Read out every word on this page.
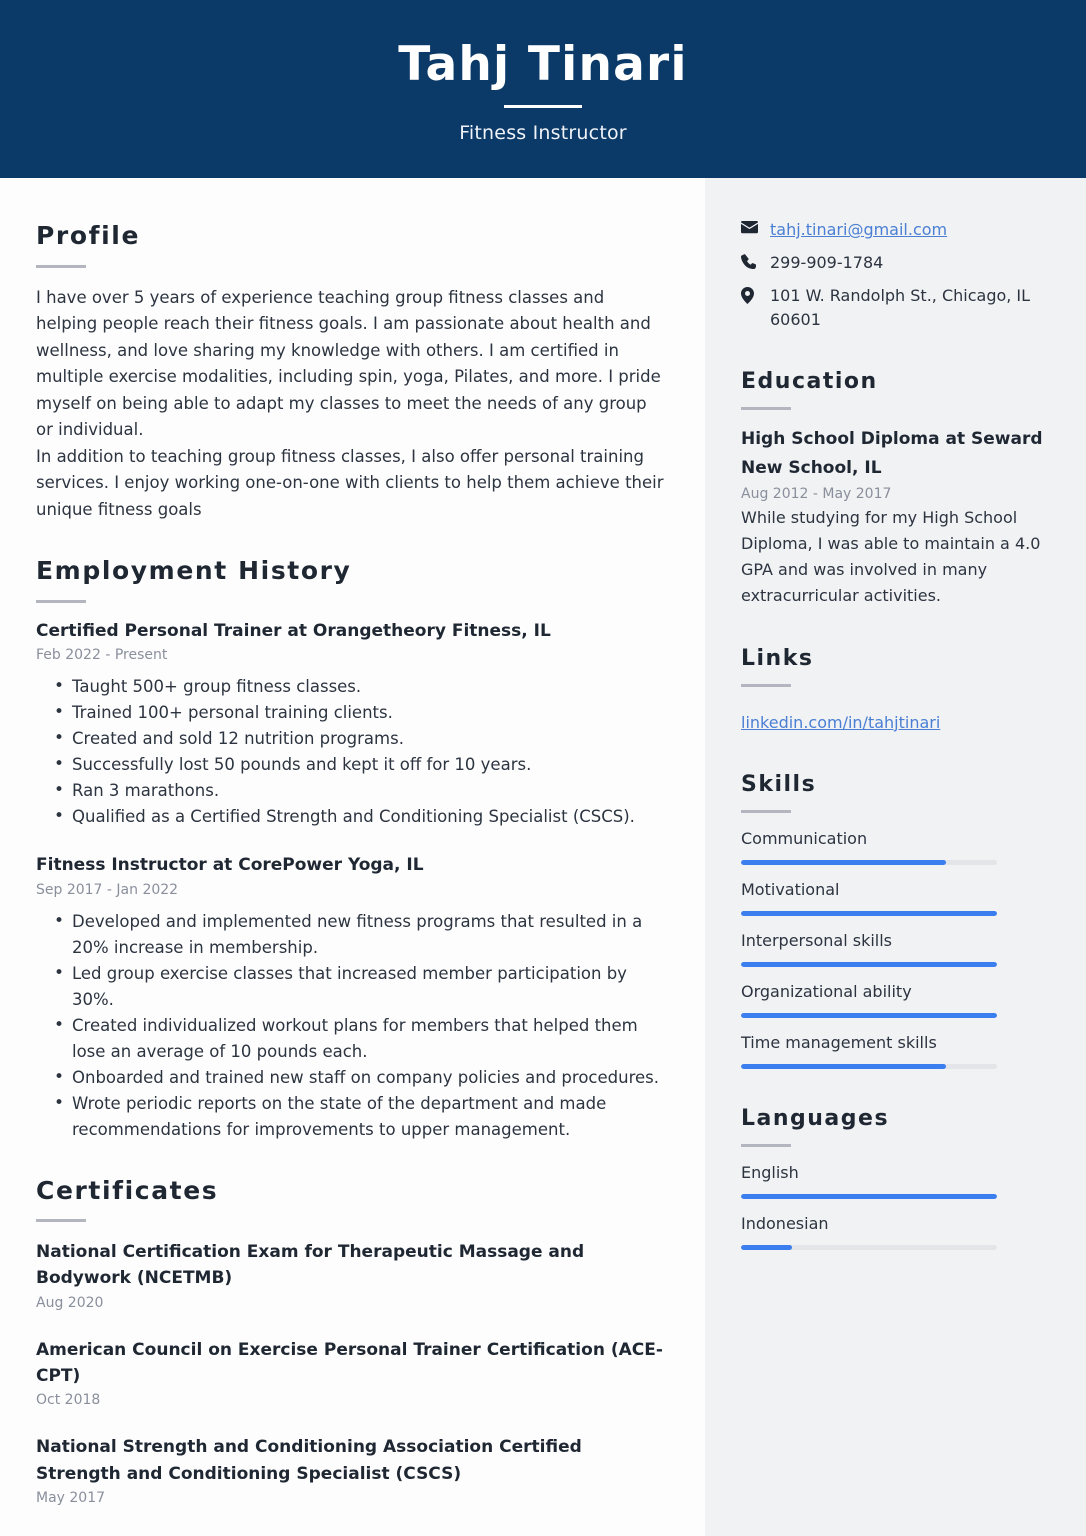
Tahj Tinari
Fitness Instructor
Profile
I have over 5 years of experience teaching group fitness classes and helping people reach their fitness goals. I am passionate about health and wellness, and love sharing my knowledge with others. I am certified in multiple exercise modalities, including spin, yoga, Pilates, and more. I pride myself on being able to adapt my classes to meet the needs of any group or individual.
In addition to teaching group fitness classes, I also offer personal training services. I enjoy working one-on-one with clients to help them achieve their unique fitness goals
Employment History
Certified Personal Trainer at Orangetheory Fitness, IL
Feb 2022 - Present
• Taught 500+ group fitness classes.
• Trained 100+ personal training clients.
• Created and sold 12 nutrition programs.
• Successfully lost 50 pounds and kept it off for 10 years.
• Ran 3 marathons.
• Qualified as a Certified Strength and Conditioning Specialist (CSCS).
Fitness Instructor at CorePower Yoga, IL
Sep 2017 - Jan 2022
• Developed and implemented new fitness programs that resulted in a 20% increase in membership.
• Led group exercise classes that increased member participation by 30%.
• Created individualized workout plans for members that helped them lose an average of 10 pounds each.
• Onboarded and trained new staff on company policies and procedures.
• Wrote periodic reports on the state of the department and made recommendations for improvements to upper management.
Certificates
National Certification Exam for Therapeutic Massage and Bodywork (NCETMB)
Aug 2020
American Council on Exercise Personal Trainer Certification (ACE-CPT)
Oct 2018
National Strength and Conditioning Association Certified Strength and Conditioning Specialist (CSCS)
May 2017
tahj.tinari@gmail.com
299-909-1784
101 W. Randolph St., Chicago, IL 60601
Education
High School Diploma at Seward New School, IL
Aug 2012 - May 2017
While studying for my High School Diploma, I was able to maintain a 4.0 GPA and was involved in many extracurricular activities.
Links
linkedin.com/in/tahjtinari
Skills
Communication
Motivational
Interpersonal skills
Organizational ability
Time management skills
Languages
English
Indonesian
